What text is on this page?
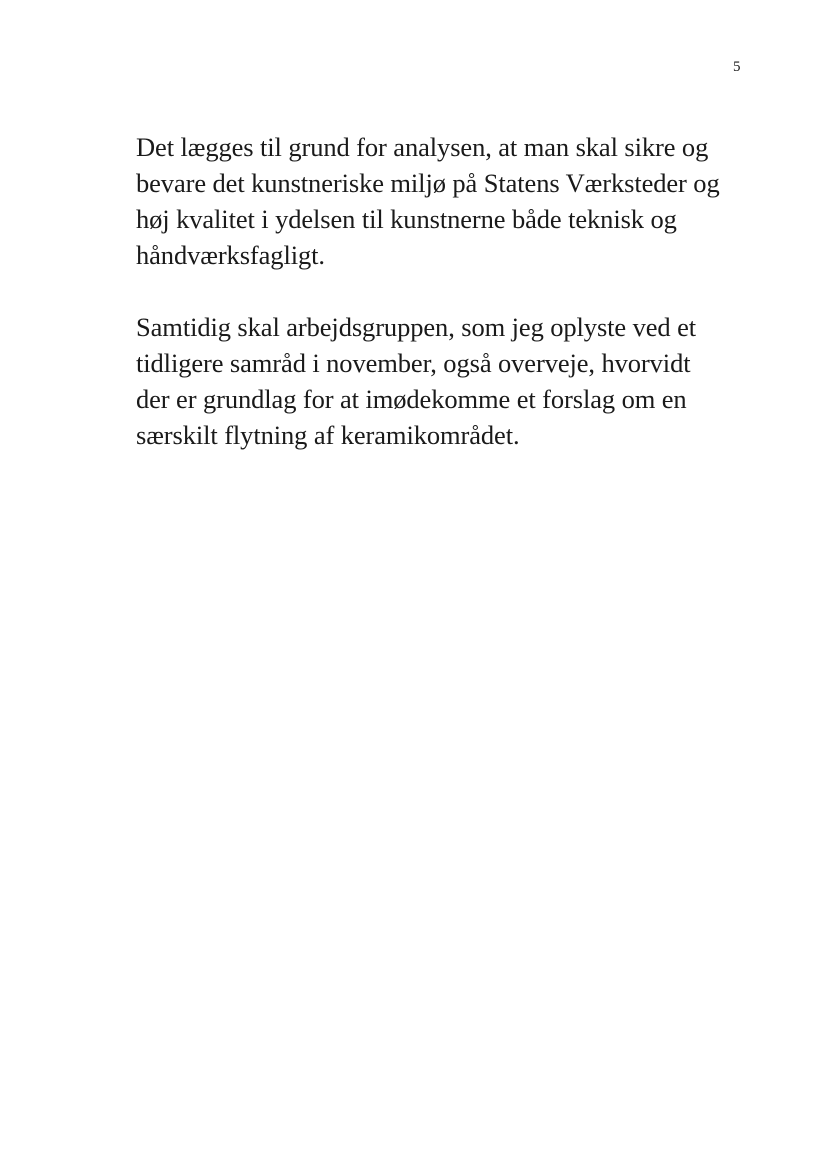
5

Det lægges til grund for analysen, at man skal sikre og
bevare det kunstneriske miljø på Statens Værksteder og
høj kvalitet i ydelsen til kunstnerne både teknisk og
håndværksfagligt.

Samtidig skal arbejdsgruppen, som jeg oplyste ved et
tidligere samråd i november, også overveje, hvorvidt
der er grundlag for at imødekomme et forslag om en
særskilt flytning af keramikområdet.
